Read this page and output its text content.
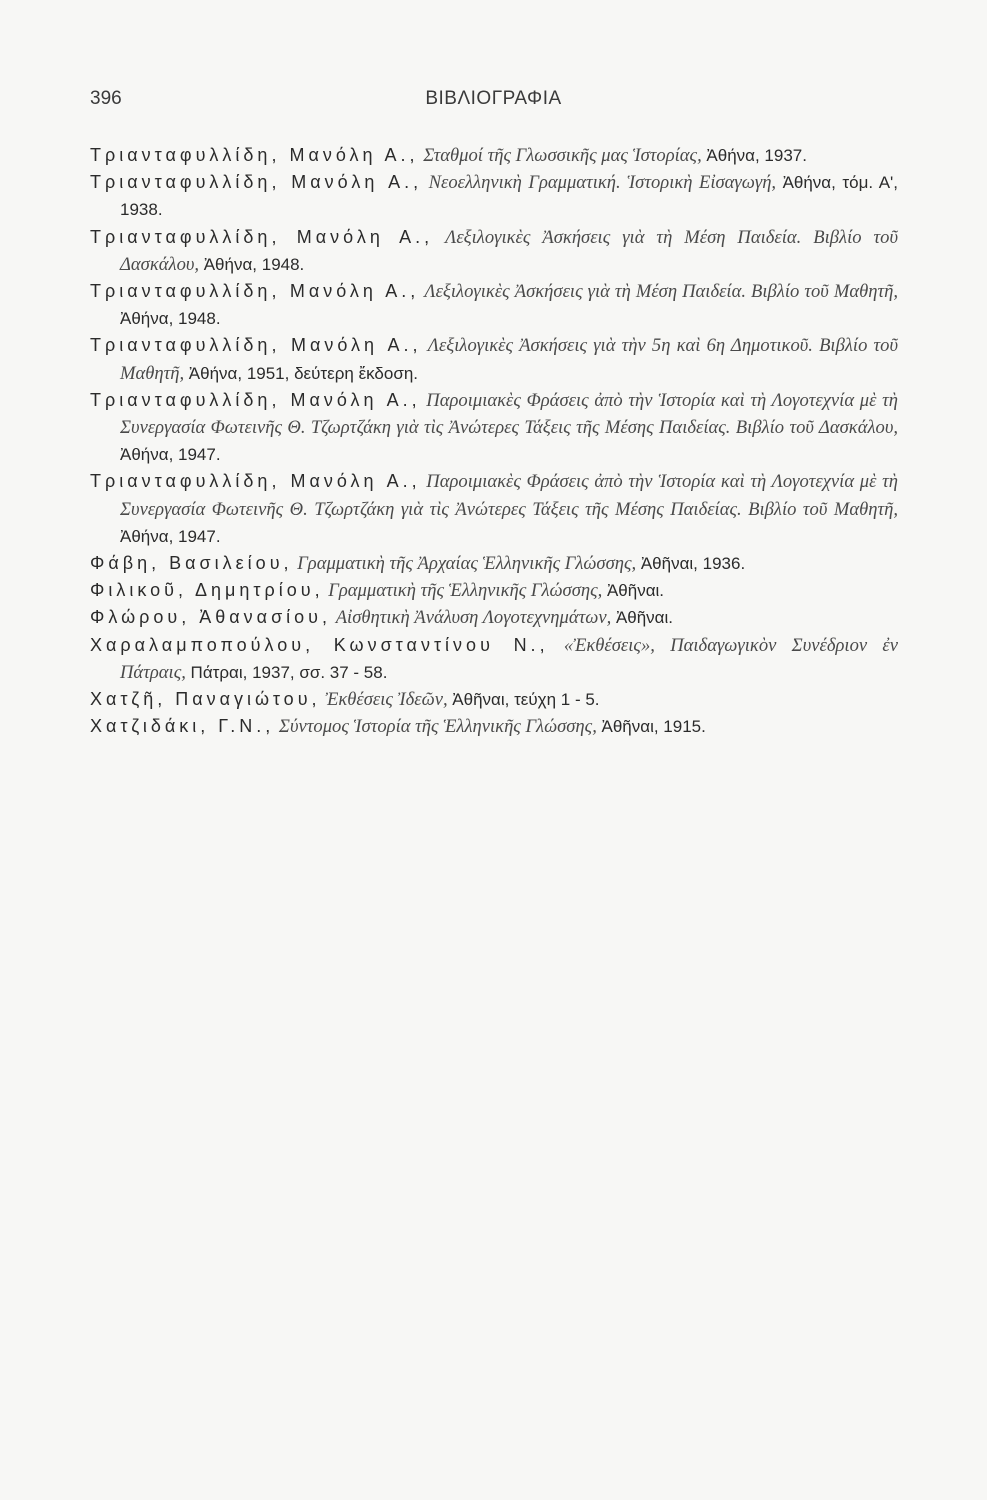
396	ΒΙΒΛΙΟΓΡΑΦΙΑ

Τριανταφυλλίδη, Μανόλη Α., Σταθμοί τῆς Γλωσσικῆς μας Ἱστορίας, Ἀθήνα, 1937.

Τριανταφυλλίδη, Μανόλη Α., Νεοελληνικὴ Γραμματική. Ἱστορικὴ Εἰσαγωγή, Ἀθήνα, τόμ. Α', 1938.

Τριανταφυλλίδη, Μανόλη Α., Λεξιλογικὲς Ἀσκήσεις γιὰ τὴ Μέση Παιδεία. Βιβλίο τοῦ Δασκάλου, Ἀθήνα, 1948.

Τριανταφυλλίδη, Μανόλη Α., Λεξιλογικὲς Ἀσκήσεις γιὰ τὴ Μέση Παιδεία. Βιβλίο τοῦ Μαθητῆ, Ἀθήνα, 1948.

Τριανταφυλλίδη, Μανόλη Α., Λεξιλογικὲς Ἀσκήσεις γιὰ τὴν 5η καὶ 6η Δημοτικοῦ. Βιβλίο τοῦ Μαθητῆ, Ἀθήνα, 1951, δεύτερη ἔκδοση.

Τριανταφυλλίδη, Μανόλη Α., Παροιμιακὲς Φράσεις ἀπὸ τὴν Ἱστορία καὶ τὴ Λογοτεχνία μὲ τὴ Συνεργασία Φωτεινῆς Θ. Τζωρτζάκη γιὰ τὶς Ἀνώτερες Τάξεις τῆς Μέσης Παιδείας. Βιβλίο τοῦ Δασκάλου, Ἀθήνα, 1947.

Τριανταφυλλίδη, Μανόλη Α., Παροιμιακὲς Φράσεις ἀπὸ τὴν Ἱστορία καὶ τὴ Λογοτεχνία μὲ τὴ Συνεργασία Φωτεινῆς Θ. Τζωρτζάκη γιὰ τὶς Ἀνώτερες Τάξεις τῆς Μέσης Παιδείας. Βιβλίο τοῦ Μαθητῆ, Ἀθήνα, 1947.

Φάβη, Βασιλείου, Γραμματικὴ τῆς Ἀρχαίας Ἑλληνικῆς Γλώσσης, Ἀθῆναι, 1936.

Φιλικοῦ, Δημητρίου, Γραμματικὴ τῆς Ἑλληνικῆς Γλώσσης, Ἀθῆναι.

Φλώρου, Ἀθανασίου, Αἰσθητικὴ Ἀνάλυση Λογοτεχνημάτων, Ἀθῆναι.

Χαραλαμποπούλου, Κωνσταντίνου Ν., «Ἐκθέσεις», Παιδαγωγικὸν Συνέδριον ἐν Πάτραις, Πάτραι, 1937, σσ. 37 - 58.

Χατζῆ, Παναγιώτου, Ἐκθέσεις Ἰδεῶν, Ἀθῆναι, τεύχη 1 - 5.

Χατζιδάκι, Γ.Ν., Σύντομος Ἱστορία τῆς Ἑλληνικῆς Γλώσσης, Ἀθῆναι, 1915.
